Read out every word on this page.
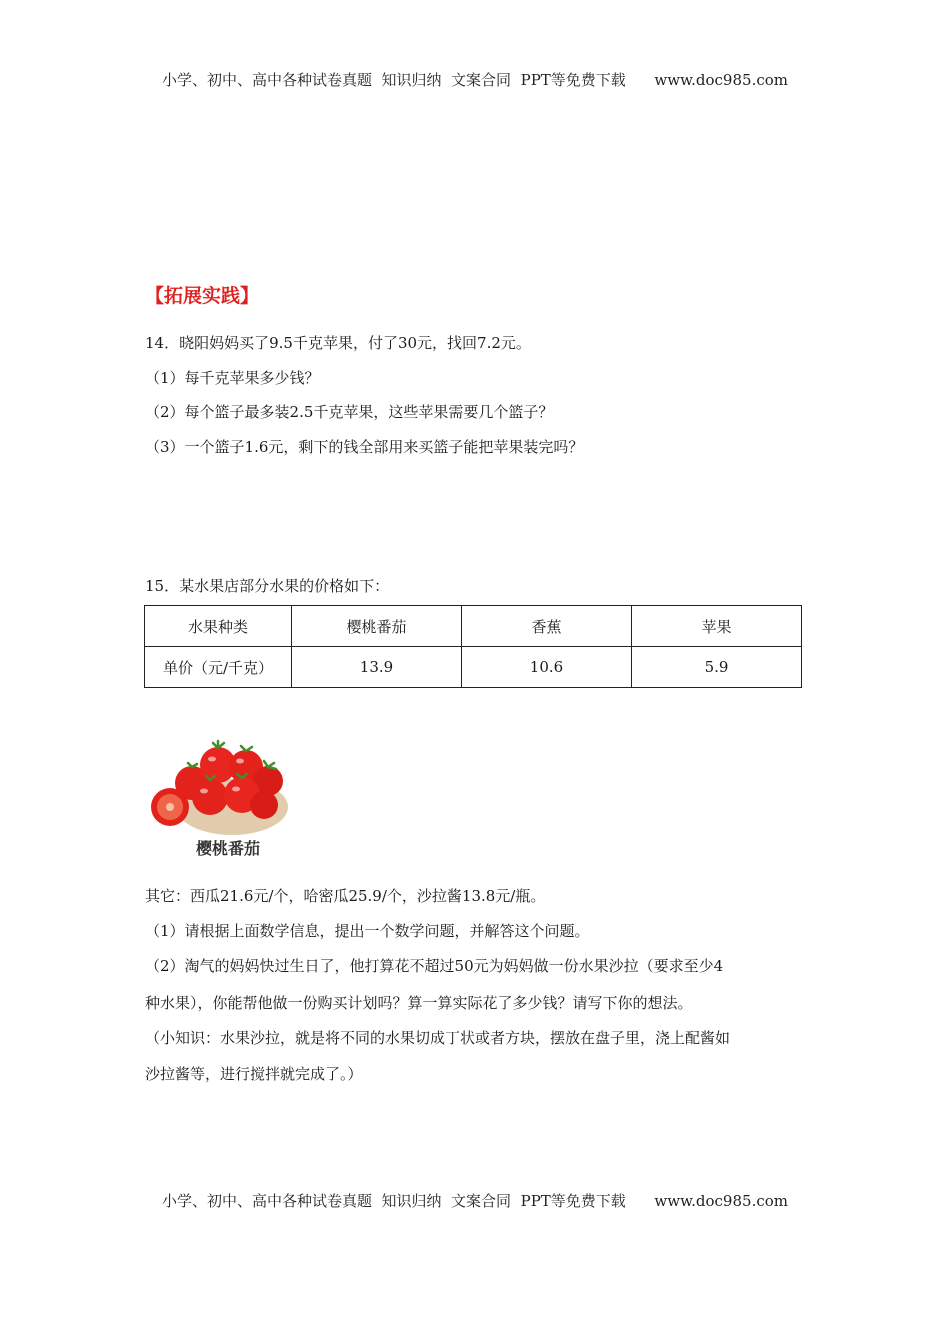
小学、初中、高中各种试卷真题  知识归纳  文案合同  PPT等免费下载      www.doc985.com
【拓展实践】
14．晓阳妈妈买了9.5千克苹果，付了30元，找回7.2元。
（1）每千克苹果多少钱？
（2）每个篮子最多装2.5千克苹果，这些苹果需要几个篮子？
（3）一个篮子1.6元，剩下的钱全部用来买篮子能把苹果装完吗？
15．某水果店部分水果的价格如下：
水果种类	樱桃番茄	香蕉	苹果
单价（元/千克）	13.9	10.6	5.9
樱桃番茄
其它：西瓜21.6元/个，哈密瓜25.9/个，沙拉酱13.8元/瓶。
（1）请根据上面数学信息，提出一个数学问题，并解答这个问题。
（2）淘气的妈妈快过生日了，他打算花不超过50元为妈妈做一份水果沙拉（要求至少4
种水果），你能帮他做一份购买计划吗？算一算实际花了多少钱？请写下你的想法。
（小知识：水果沙拉，就是将不同的水果切成丁状或者方块，摆放在盘子里，浇上配酱如
沙拉酱等，进行搅拌就完成了。）
小学、初中、高中各种试卷真题  知识归纳  文案合同  PPT等免费下载      www.doc985.com
